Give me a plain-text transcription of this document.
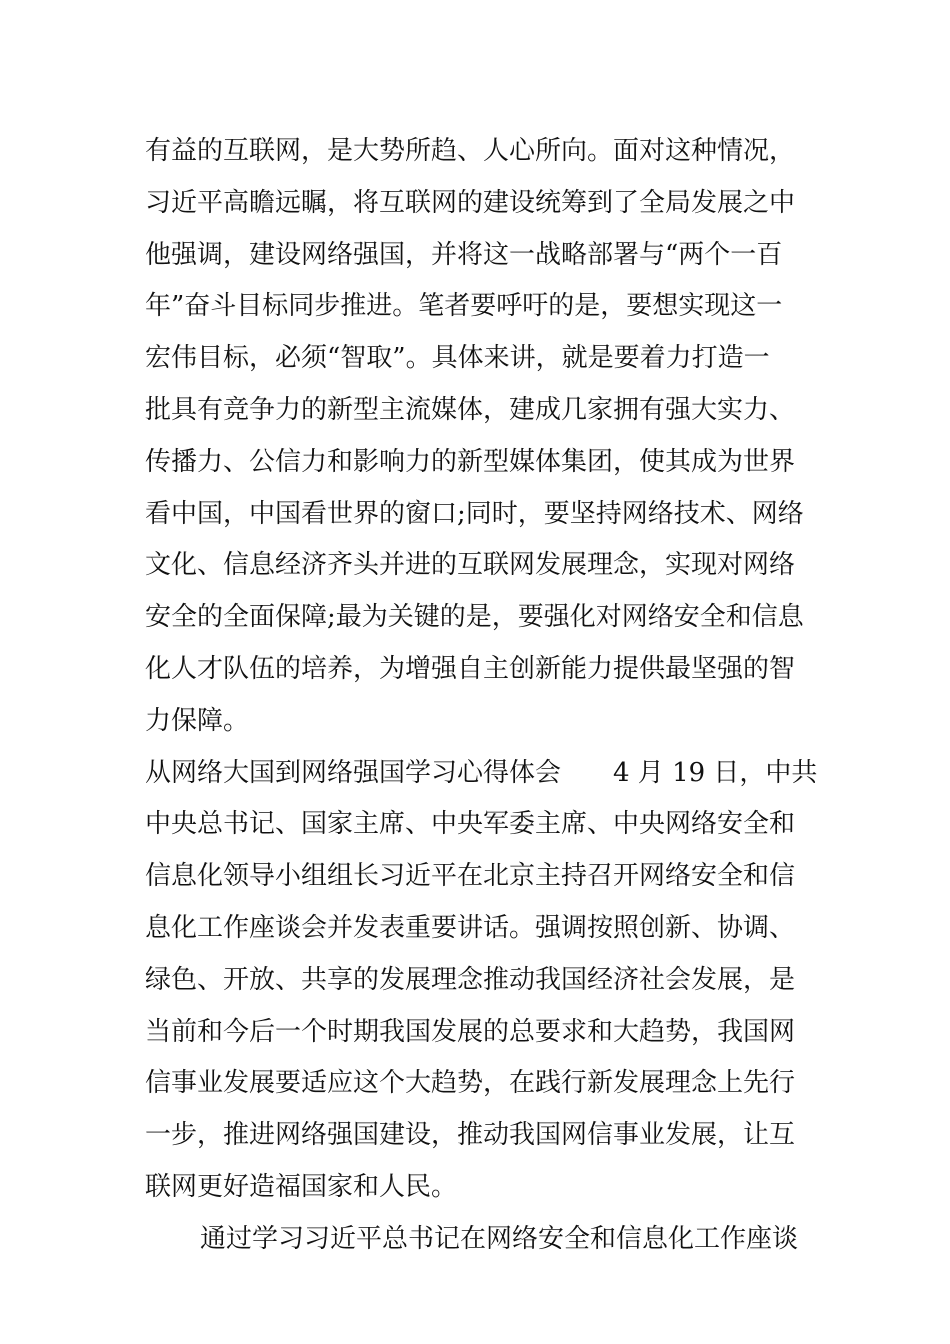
有益的互联网，是大势所趋、人心所向。面对这种情况，
习近平高瞻远瞩，将互联网的建设统筹到了全局发展之中
他强调，建设网络强国，并将这一战略部署与“两个一百
年”奋斗目标同步推进。笔者要呼吁的是，要想实现这一
宏伟目标，必须“智取”。具体来讲，就是要着力打造一
批具有竞争力的新型主流媒体，建成几家拥有强大实力、
传播力、公信力和影响力的新型媒体集团，使其成为世界
看中国，中国看世界的窗口;同时，要坚持网络技术、网络
文化、信息经济齐头并进的互联网发展理念，实现对网络
安全的全面保障;最为关键的是，要强化对网络安全和信息
化人才队伍的培养，为增强自主创新能力提供最坚强的智
力保障。
从网络大国到网络强国学习心得体会　　4 月 19 日，中共
中央总书记、国家主席、中央军委主席、中央网络安全和
信息化领导小组组长习近平在北京主持召开网络安全和信
息化工作座谈会并发表重要讲话。强调按照创新、协调、
绿色、开放、共享的发展理念推动我国经济社会发展，是
当前和今后一个时期我国发展的总要求和大趋势，我国网
信事业发展要适应这个大趋势，在践行新发展理念上先行
一步，推进网络强国建设，推动我国网信事业发展，让互
联网更好造福国家和人民。
通过学习习近平总书记在网络安全和信息化工作座谈
